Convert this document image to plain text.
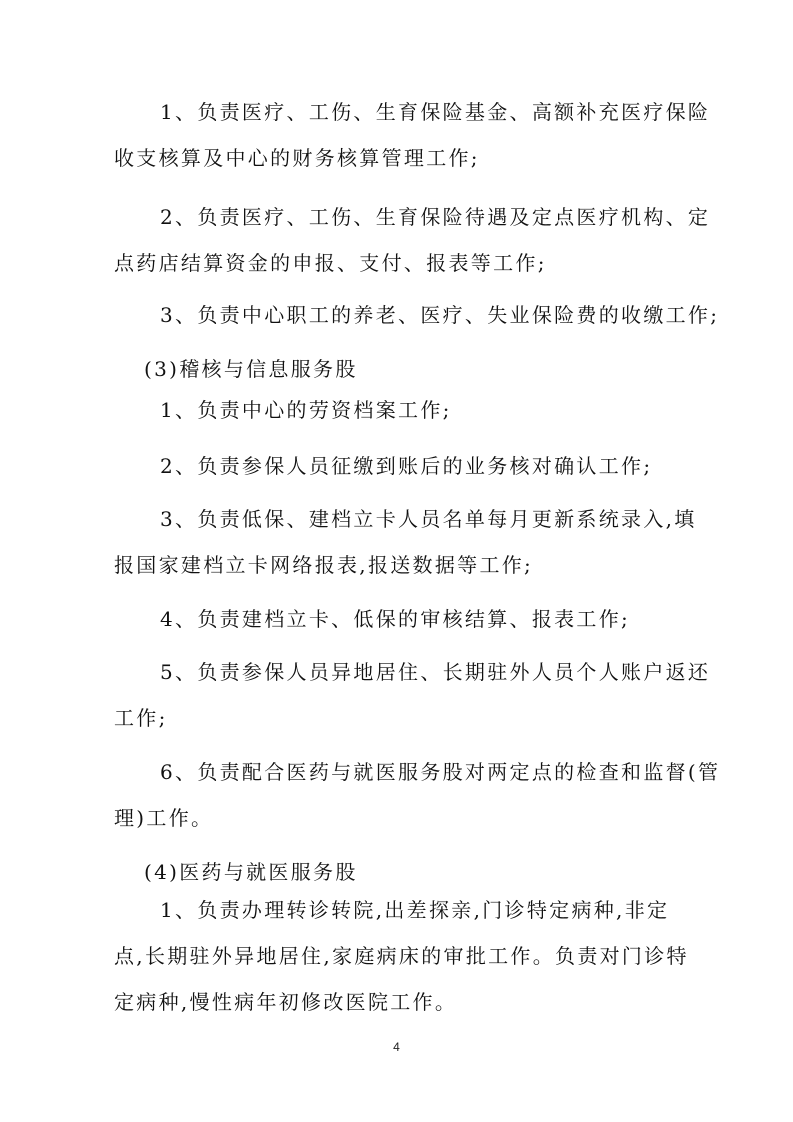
1、负责医疗、工伤、生育保险基金、高额补充医疗保险
收支核算及中心的财务核算管理工作;
2、负责医疗、工伤、生育保险待遇及定点医疗机构、定
点药店结算资金的申报、支付、报表等工作;
3、负责中心职工的养老、医疗、失业保险费的收缴工作;
(3)稽核与信息服务股
1、负责中心的劳资档案工作;
2、负责参保人员征缴到账后的业务核对确认工作;
3、负责低保、建档立卡人员名单每月更新系统录入,填
报国家建档立卡网络报表,报送数据等工作;
4、负责建档立卡、低保的审核结算、报表工作;
5、负责参保人员异地居住、长期驻外人员个人账户返还
工作;
6、负责配合医药与就医服务股对两定点的检查和监督(管
理)工作。
(4)医药与就医服务股
1、负责办理转诊转院,出差探亲,门诊特定病种,非定
点,长期驻外异地居住,家庭病床的审批工作。负责对门诊特
定病种,慢性病年初修改医院工作。
4
